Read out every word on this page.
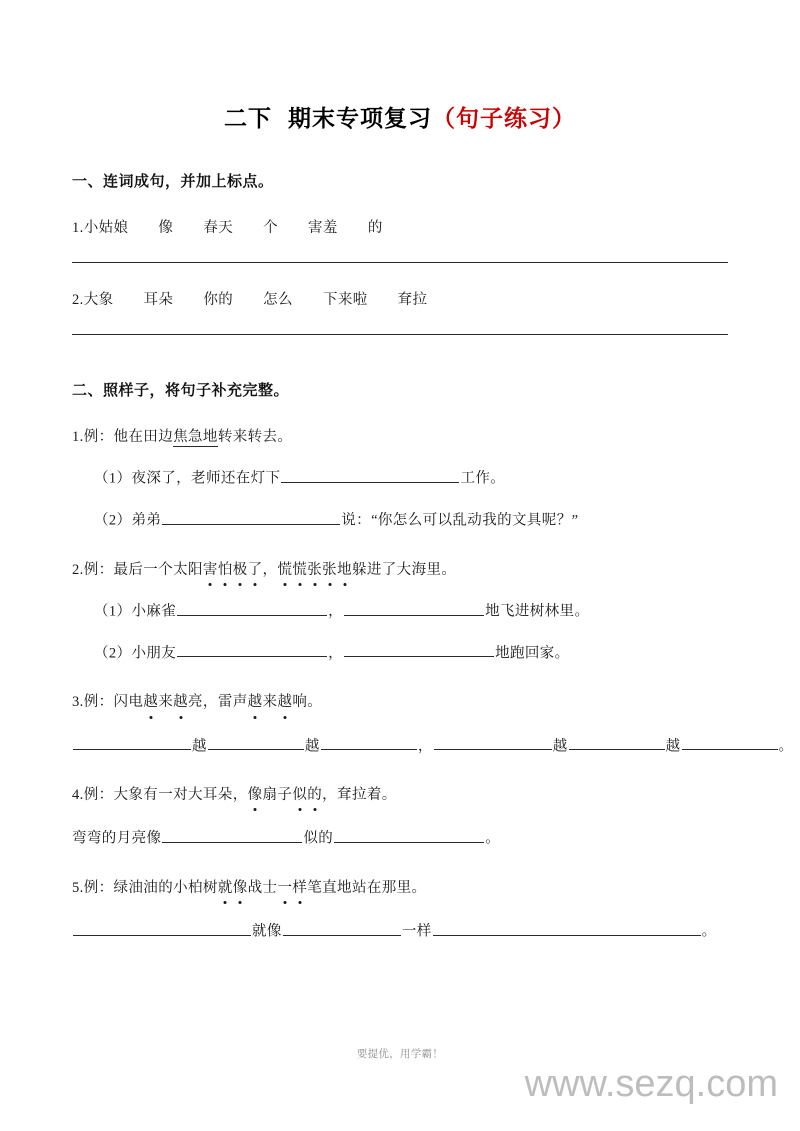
二下 期末专项复习（句子练习）
一、连词成句，并加上标点。
1.小姑娘 像 春天 个 害羞 的
2.大象 耳朵 你的 怎么 下来啦 耷拉
二、照样子，将句子补充完整。
1.例：他在田边焦急地转来转去。
（1）夜深了，老师还在灯下	工作。
（2）弟弟	说：“你怎么可以乱动我的文具呢？”
2.例：最后一个太阳害怕极了，慌慌张张地躲进了大海里。
（1）小麻雀	，	地飞进树林里。
（2）小朋友	，	地跑回家。
3.例：闪电越来越亮，雷声越来越响。
越	越	，	越	越	。
4.例：大象有一对大耳朵，像扇子似的，耷拉着。
弯弯的月亮像	似的	。
5.例：绿油油的小柏树就像战士一样笔直地站在那里。
就像	一样	。
要提优，用学霸！
www.sezq.com
